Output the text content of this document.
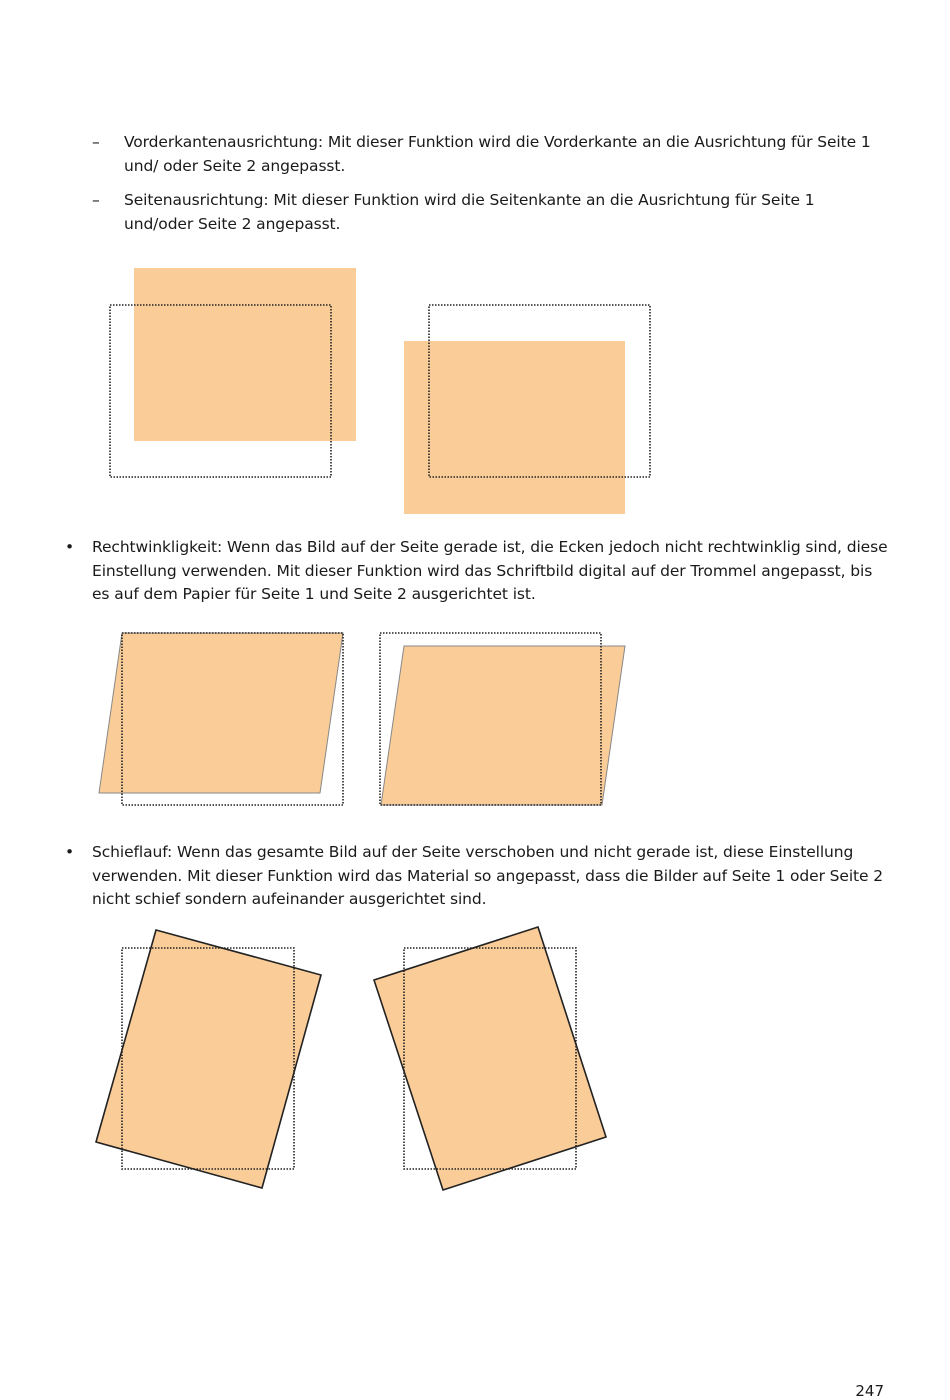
– Vorderkantenausrichtung: Mit dieser Funktion wird die Vorderkante an die Ausrichtung für Seite 1 und/ oder Seite 2 angepasst.

– Seitenausrichtung: Mit dieser Funktion wird die Seitenkante an die Ausrichtung für Seite 1 und/oder Seite 2 angepasst.

• Rechtwinkligkeit: Wenn das Bild auf der Seite gerade ist, die Ecken jedoch nicht rechtwinklig sind, diese Einstellung verwenden. Mit dieser Funktion wird das Schriftbild digital auf der Trommel angepasst, bis es auf dem Papier für Seite 1 und Seite 2 ausgerichtet ist.

• Schieflauf: Wenn das gesamte Bild auf der Seite verschoben und nicht gerade ist, diese Einstellung verwenden. Mit dieser Funktion wird das Material so angepasst, dass die Bilder auf Seite 1 oder Seite 2 nicht schief sondern aufeinander ausgerichtet sind.

247
